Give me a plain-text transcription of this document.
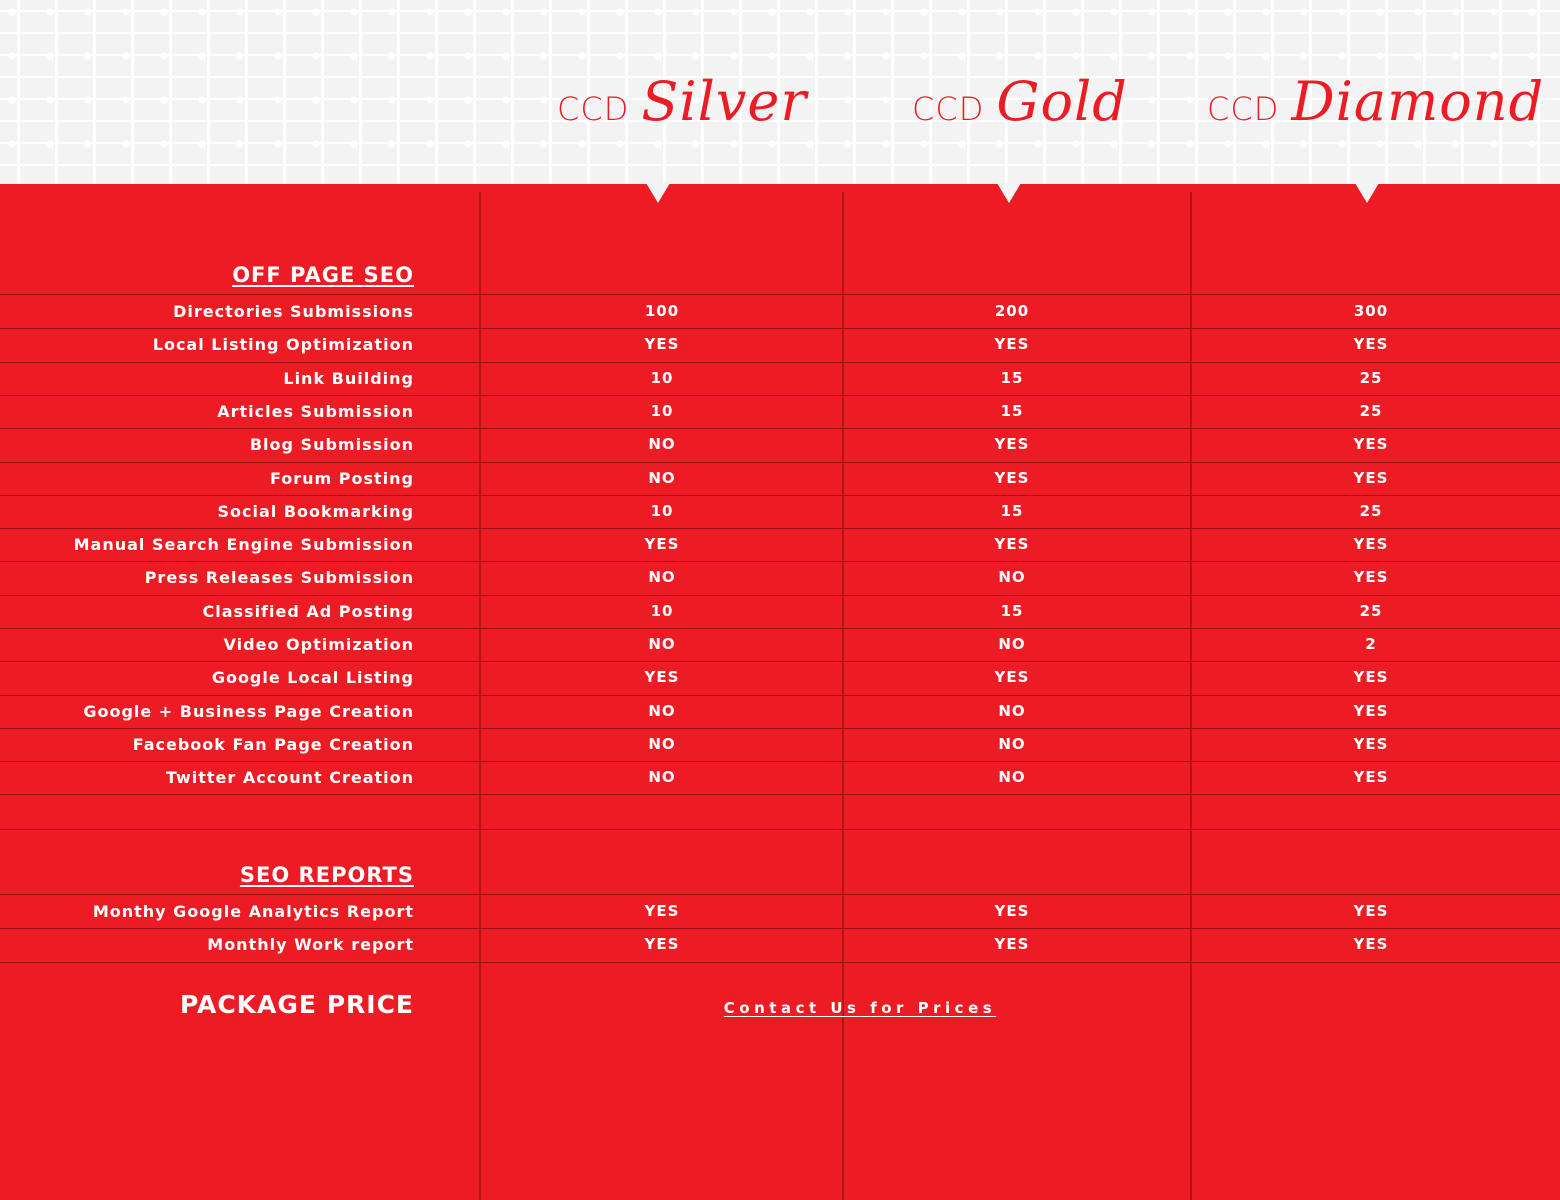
CCD Silver	CCD Gold CCD Diamond
OFF PAGE SEO
Directories Submissions	100	200	300
Local Listing Optimization	YES	YES	YES
Link Building	10	15	25
Articles Submission	10	15	25
Blog Submission	NO	YES	YES
Forum Posting	NO	YES	YES
Social Bookmarking	10	15	25
Manual Search Engine Submission	YES	YES	YES
Press Releases Submission	NO	NO	YES
Classified Ad Posting	10	15	25
Video Optimization	NO	NO	2
Google Local Listing	YES	YES	YES
Google + Business Page Creation	NO	NO	YES
Facebook Fan Page Creation	NO	NO	YES
Twitter Account Creation	NO	NO	YES
SEO REPORTS
Monthy Google Analytics Report	YES	YES	YES
Monthly Work report	YES	YES	YES
PACKAGE PRICE	Contact Us for Prices
